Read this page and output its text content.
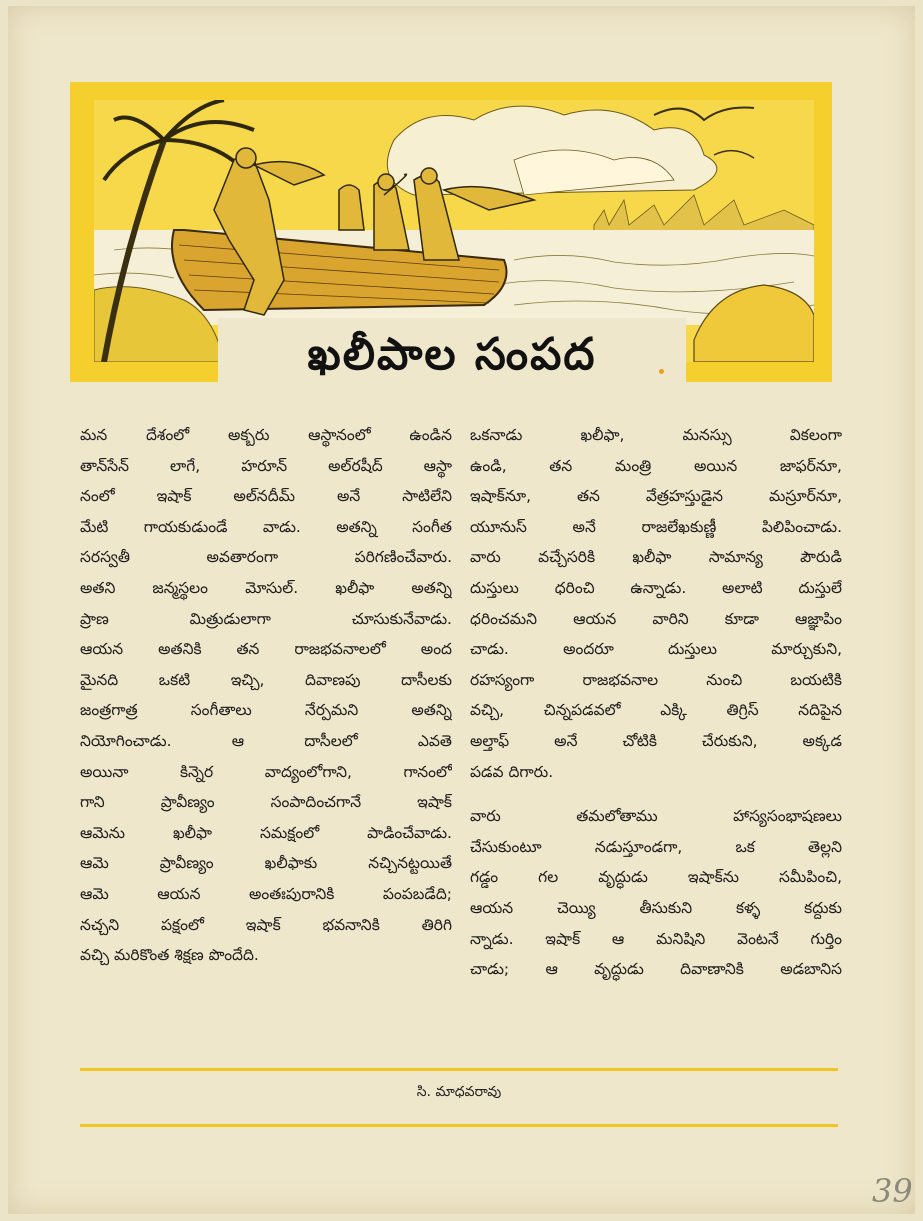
ఖలీపాల సంపద
మన దేశంలో అక్బరు ఆస్థానంలో ఉండిన
తాన్‌సేన్ లాగే, హరూన్ అల్‌రషీద్ ఆస్థా
నంలో ఇషాక్ అల్‌నదీమ్ అనే సాటిలేని
మేటి గాయకుడుండే వాడు. అతన్ని సంగీత
సరస్వతీ అవతారంగా పరిగణించేవారు.
అతని జన్మస్థలం మోసుల్. ఖలీఫా అతన్ని
ప్రాణ మిత్రుడులాగా చూసుకునేవాడు.
ఆయన అతనికి తన రాజభవనాలలో అంద
మైనది ఒకటి ఇచ్చి, దివాణపు దాసీలకు
జంత్రగాత్ర సంగీతాలు నేర్పమని అతన్ని
నియోగించాడు. ఆ దాసీలలో ఎవతె
అయినా కిన్నెర వాద్యంలోగాని, గానంలో
గాని ప్రావీణ్యం సంపాదించగానే ఇషాక్
ఆమెను ఖలీఫా సమక్షంలో పాడించేవాడు.
ఆమె ప్రావీణ్యం ఖలీఫాకు నచ్చినట్టయితే
ఆమె ఆయన అంతఃపురానికి పంపబడేది;
నచ్చని పక్షంలో ఇషాక్ భవనానికి తిరిగి
వచ్చి మరికొంత శిక్షణ పొందేది.
ఒకనాడు ఖలీఫా, మనస్సు వికలంగా
ఉండి, తన మంత్రి అయిన జాఫర్‌నూ,
ఇషాక్‌నూ, తన వేత్రహస్తుడైన మస్రూర్‌నూ,
యూనుస్ అనే రాజలేఖకుణ్ణీ పిలిపించాడు.
వారు వచ్చేసరికి ఖలీఫా సామాన్య పౌరుడి
దుస్తులు ధరించి ఉన్నాడు. అలాటి దుస్తులే
ధరించమని ఆయన వారిని కూడా ఆజ్ఞాపిం
చాడు. అందరూ దుస్తులు మార్చుకుని,
రహస్యంగా రాజభవనాల నుంచి బయటికి
వచ్చి, చిన్నపడవలో ఎక్కి తిగ్రిస్ నదిపైన
అల్తాఫ్ అనే చోటికి చేరుకుని, అక్కడ
పడవ దిగారు.
వారు తమలోతాము హాస్యసంభాషణలు
చేసుకుంటూ నడుస్తూండగా, ఒక తెల్లని
గడ్డం గల వృద్ధుడు ఇషాక్‌ను సమీపించి,
ఆయన చెయ్యి తీసుకుని కళ్ళ కద్దుకు
న్నాడు. ఇషాక్ ఆ మనిషిని వెంటనే గుర్తిం
చాడు; ఆ వృద్ధుడు దివాణానికి అడబానిస
సి. మాధవరావు
39
